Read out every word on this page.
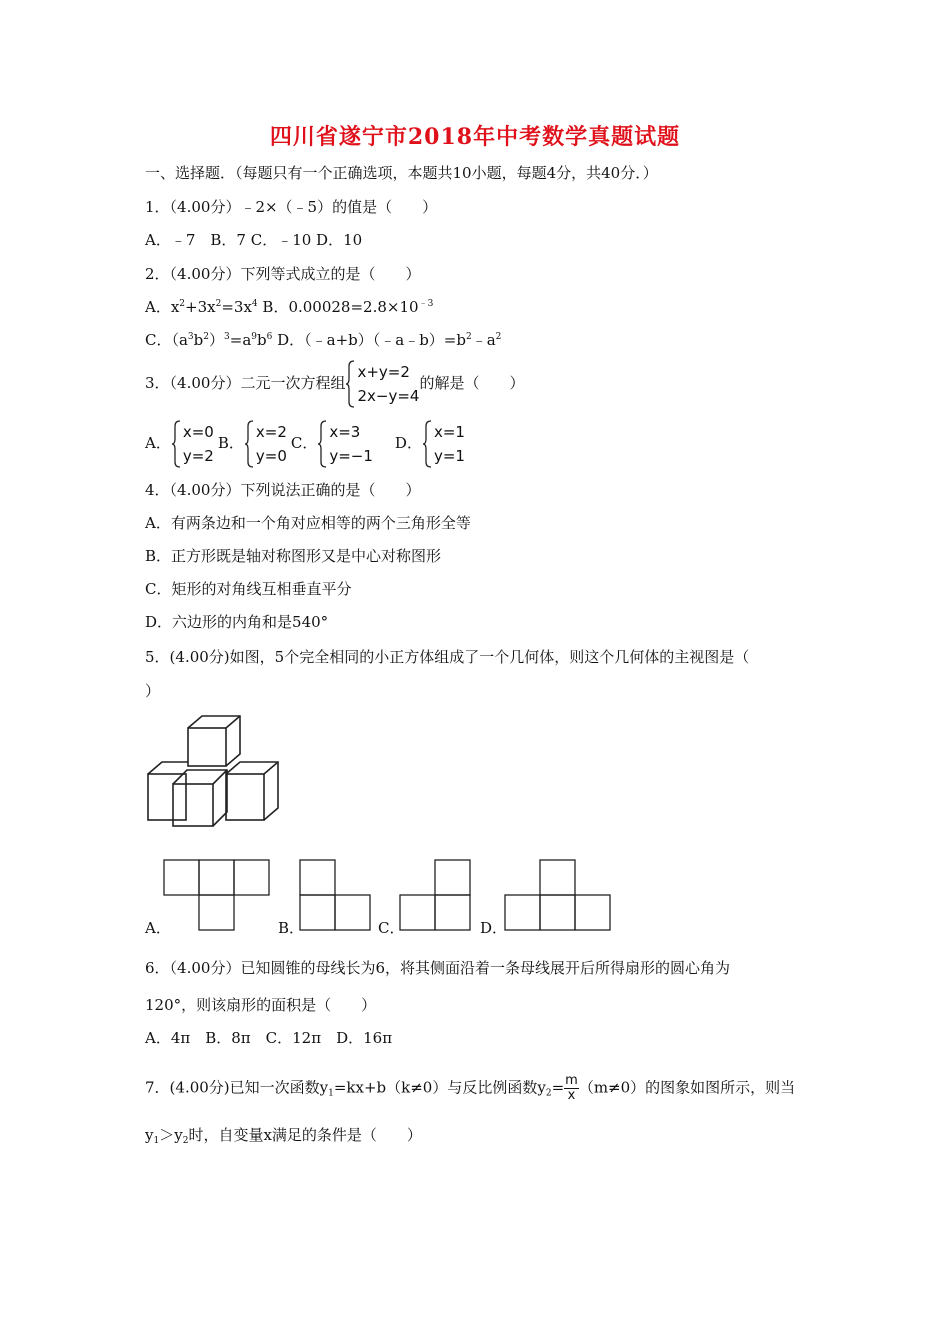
四川省遂宁市2018年中考数学真题试题
一、选择题．（每题只有一个正确选项，本题共10小题，每题4分，共40分．）
1．（4.00分）﹣2×（﹣5）的值是（　　）
A．﹣7　B．7 C．﹣10 D．10
2．（4.00分）下列等式成立的是（　　）
A．$x^2+3x^2=3x^4$ B．$0.00028=2.8\times 10^{﹣3}$
C．$(a^3b^2)^3=a^9b^6$ D．$(﹣a+b)(﹣a﹣b)=b^2﹣a^2$
3．（4.00分）二元一次方程组
x+y=2
2x−y=4
的解是（　　）
A．
x=0
y=2
B．
x=2
y=0
C．
x=3
y=−1
D．
x=1
y=1
4．（4.00分）下列说法正确的是（　　）
A．有两条边和一个角对应相等的两个三角形全等
B．正方形既是轴对称图形又是中心对称图形
C．矩形的对角线互相垂直平分
D．六边形的内角和是540°
5．(4.00分)如图，5个完全相同的小正方体组成了一个几何体，则这个几何体的主视图是（
）
A．	B．	C．	D．
6．（4.00分）已知圆锥的母线长为6，将其侧面沿着一条母线展开后所得扇形的圆心角为
120°，则该扇形的面积是（　　）
A．4π　B．8π　C．12π　D．16π
7．(4.00分)已知一次函数$y_1=kx+b(k\ne 0)$与反比例函数$y_2= \frac{m}{x} (m\ne 0)$的图象如图所示，则当
$y_1>y_2$时，自变量x满足的条件是（　　）
